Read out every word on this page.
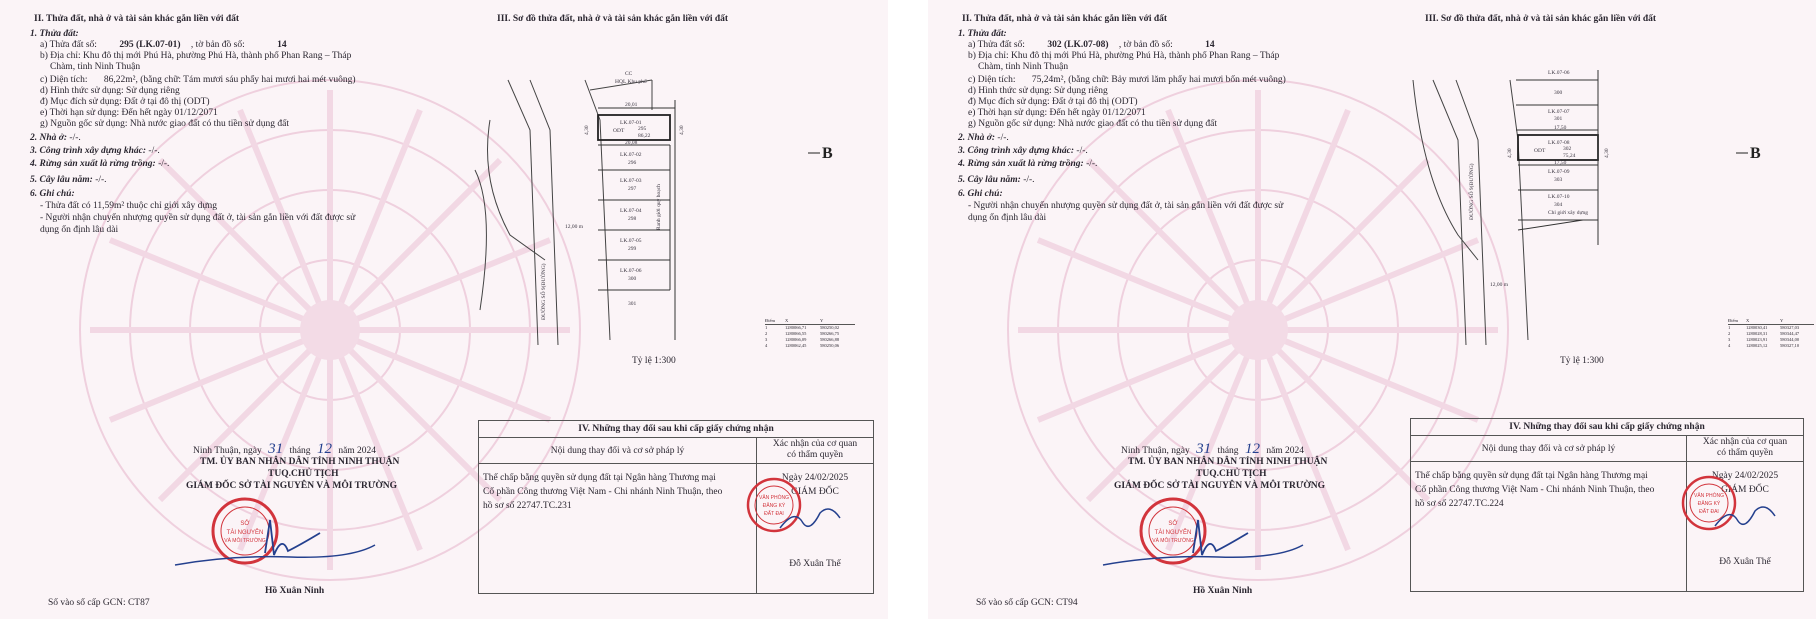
II. Thửa đất, nhà ở và tài sản khác gắn liền với đất
1. Thửa đất:
a) Thửa đất số: 295 (LK.07-01) , tờ bản đồ số:	14
b) Địa chỉ: Khu đô thị mới Phú Hà, phường Phú Hà, thành phố Phan Rang – Tháp
Chàm, tỉnh Ninh Thuận
c) Diện tích: 86,22m², (bằng chữ: Tám mươi sáu phẩy hai mươi hai mét vuông)
d) Hình thức sử dụng: Sử dụng riêng
đ) Mục đích sử dụng: Đất ở tại đô thị (ODT)
e) Thời hạn sử dụng: Đến hết ngày 01/12/2071
g) Nguồn gốc sử dụng: Nhà nước giao đất có thu tiền sử dụng đất
2. Nhà ở: -/-.
3. Công trình xây dựng khác: -/-.
4. Rừng sản xuất là rừng trồng: -/-.
5. Cây lâu năm: -/-.
6. Ghi chú:
- Thửa đất có 11,59m² thuộc chỉ giới xây dựng
- Người nhận chuyển nhượng quyền sử dụng đất ở, tài sản gắn liền với đất được sử
dụng ổn định lâu dài
III. Sơ đồ thửa đất, nhà ở và tài sản khác gắn liền với đất
CC
HQL Khu phố
20,01
LK.07-01
ODT 295
86,22
20,08
LK.07-02
296
LK.07-03
297
LK.07-04
298
LK.07-05
299
LK.07-06
300
301
12,00 m
ĐƯỜNG SỐ 9(ĐƯỜNG)
Ranh giới quy hoạch
4,30	4,30
B
Điểm	X	Y
1	1280066,71	580250,02
2	1280066,55	580266,75
3	1280066,09	580266,88
4	1280062,45	580250,06
Tỷ lệ 1:300
Ninh Thuận, ngày 31 tháng 12 năm 2024
TM. ỦY BAN NHÂN DÂN TỈNH NINH THUẬN
TUQ.CHỦ TỊCH
GIÁM ĐỐC SỞ TÀI NGUYÊN VÀ MÔI TRƯỜNG
SỞ
TÀI NGUYÊN
VÀ MÔI TRƯỜNG
Hồ Xuân Ninh
Số vào sổ cấp GCN: CT87
IV. Những thay đổi sau khi cấp giấy chứng nhận
Nội dung thay đổi và cơ sở pháp lý
Xác nhận của cơ quan
có thẩm quyền
Thế chấp bằng quyền sử dụng đất tại Ngân hàng Thương mại
Cổ phần Công thương Việt Nam - Chi nhánh Ninh Thuận, theo
hồ sơ số 22747.TC.231
Ngày 24/02/2025
GIÁM ĐỐC
Đỗ Xuân Thế
VĂN PHÒNG
ĐĂNG KÝ
ĐẤT ĐAI
II. Thửa đất, nhà ở và tài sản khác gắn liền với đất
1. Thửa đất:
a) Thửa đất số: 302 (LK.07-08) , tờ bản đồ số:	14
b) Địa chỉ: Khu đô thị mới Phú Hà, phường Phú Hà, thành phố Phan Rang – Tháp
Chàm, tỉnh Ninh Thuận
c) Diện tích: 75,24m², (bằng chữ: Bảy mươi lăm phẩy hai mươi bốn mét vuông)
d) Hình thức sử dụng: Sử dụng riêng
đ) Mục đích sử dụng: Đất ở tại đô thị (ODT)
e) Thời hạn sử dụng: Đến hết ngày 01/12/2071
g) Nguồn gốc sử dụng: Nhà nước giao đất có thu tiền sử dụng đất
2. Nhà ở: -/-.
3. Công trình xây dựng khác: -/-.
4. Rừng sản xuất là rừng trồng: -/-.
5. Cây lâu năm: -/-.
6. Ghi chú:
- Người nhận chuyển nhượng quyền sử dụng đất ở, tài sản gắn liền với đất được sử
dụng ổn định lâu dài
III. Sơ đồ thửa đất, nhà ở và tài sản khác gắn liền với đất
LK.07-06
300
LK.07-07
301
17,50
LK.07-08
ODT	302
75,24
17,50
LK.07-09
303
LK.07-10
304
Chỉ giới xây dựng
12,00 m
ĐƯỜNG SỐ 9(ĐƯỜNG)
4,30	4,30	B
Điểm	X	Y
1	1280030,41	580327,03
2	1280028,31	580344,47
3	1280023,91	580344,00
4	1280025,12	580327,10
Tỷ lệ 1:300
Ninh Thuận, ngày 31 tháng 12 năm 2024
TM. ỦY BAN NHÂN DÂN TỈNH NINH THUẬN
TUQ.CHỦ TỊCH
GIÁM ĐỐC SỞ TÀI NGUYÊN VÀ MÔI TRƯỜNG
SỞ
TÀI NGUYÊN
VÀ MÔI TRƯỜNG
Hồ Xuân Ninh
Số vào sổ cấp GCN: CT94
IV. Những thay đổi sau khi cấp giấy chứng nhận
Nội dung thay đổi và cơ sở pháp lý
Xác nhận của cơ quan
có thẩm quyền
Thế chấp bằng quyền sử dụng đất tại Ngân hàng Thương mại
Cổ phần Công thương Việt Nam - Chi nhánh Ninh Thuận, theo
hồ sơ số 22747.TC.224
Ngày 24/02/2025
GIÁM ĐỐC
Đỗ Xuân Thế
VĂN PHÒNG
ĐĂNG KÝ
ĐẤT ĐAI
